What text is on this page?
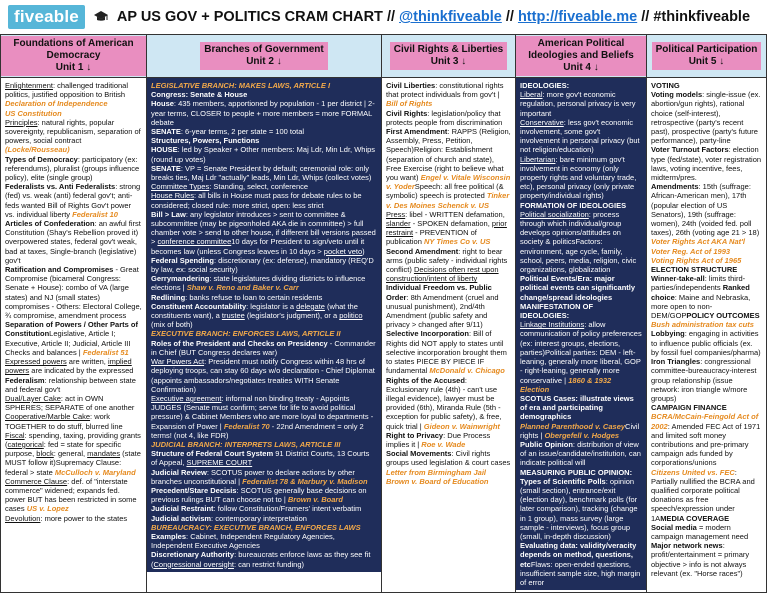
fiveable	AP US GOV + POLITICS CRAM CHART // @thinkfiveable // http://fiveable.me // #thinkfiveable
Foundations of American Democracy
Unit 1 ↓

Enlightenment: challenged traditional politics, justified opposition to British

Declaration of Independence

US Constitution

Principles: natural rights, popular sovereignty, republicanism, separation of powers, social contract (Locke/Rousseau)

Types of Democracy: participatory (ex: referendums), pluralist (groups influence policy), elite (single group)

Federalists vs. Anti Federalists: strong (fed) vs. weak (anti) federal gov't; anti-feds wanted Bill of Rights Gov't power vs. individual liberty Federalist 10

Articles of Confederation: an awful first Constitution (Shay's Rebellion proved it) overpowered states, federal gov't weak, bad at taxes, Single-branch (legislative) gov't

Ratification and Compromises - Great Compromise (bicameral Congress: Senate + House): combo of VA (large states) and NJ (small states) compromises - Others: Electoral College, ¾ compromise, amendment process

Separation of Powers / Other Parts of ConstitutionLegislative, Article I; Executive, Article II; Judicial, Article III Checks and balances | Federalist 51

Expressed powers are written, implied powers are indicated by the expressed

Federalism: relationship between state and federal gov't

Dual/Layer Cake: act in OWN SPHERES; SEPARATE of one another Cooperative/Marble Cake: work TOGETHER to do stuff, blurred line

Fiscal: spending, taxing, providing grants (categorical: fed = state for specific purpose, block: general, mandates (state MUST follow it)Supremacy Clause: federal > state McCulloch v. Maryland

Commerce Clause: def. of "interstate commerce" widened; expands fed. power BUT has been restricted in some cases US v. Lopez

Devolution: more power to the states

Branches of Government
Unit 2 ↓

LEGISLATIVE BRANCH: MAKES LAWS, ARTICLE I

Congress: Senate & House

House: 435 members, apportioned by population - 1 per district | 2-year terms, CLOSER to people + more members = more FORMAL debate

SENATE: 6-year terms, 2 per state = 100 total

Structures, Powers, Functions

HOUSE: led by Speaker + Other members: Maj Ldr, Min Ldr, Whips (round up votes)

SENATE: VP = Senate President by default; ceremonial role: only breaks ties, Maj Ldr "actually" leads, Min Ldr, Whips (collect votes)

Committee Types: Standing, select, conference

House Rules: all bills in House must pass for debate rules to be considered; closed rule: more strict, open: less strict

Bill > Law: any legislator introduces > sent to committee & subcommittee (may be pigeonholed AKA die in committee) > full chamber vote > send to other house, if different bill versions passed > conference committee10 days for President to sign/veto until it becomes law (unless Congress leaves in 10 days > pocket veto)

Federal Spending: discretionary (ex: defense), mandatory (REQ'D by law, ex: social security)

Gerrymandering: state legislatures dividing districts to influence elections | Shaw v. Reno and Baker v. Carr

Redlining: banks refuse to loan to certain residents

Constituent Accountability: legislator is a delegate (what the constituents want), a trustee (legislator's judgment), or a politico (mix of both)

EXECUTIVE BRANCH: ENFORCES LAWS, ARTICLE II

Roles of the President and Checks on Presidency - Commander in Chief (BUT Congress declares war)

War Powers Act: President must notify Congress within 48 hrs of deploying troops, can stay 60 days w/o declaration - Chief Diplomat (appoints ambassadors/negotiates treaties WITH Senate Confirmation)

Executive agreement: informal non binding treaty - Appoints JUDGES (Senate must confirm; serve for life to avoid political pressure) & Cabinet Members who are more loyal to departments - Expansion of Power | Federalist 70 - 22nd Amendment = only 2 terms! (not 4, like FDR)

JUDICIAL BRANCH: INTERPRETS LAWS, ARTICLE III

Structure of Federal Court System 91 District Courts, 13 Courts of Appeal, SUPREME COURT

Judicial Review: SCOTUS power to declare actions by other branches unconstitutional | Federalist 78 & Marbury v. Madison

Precedent/Stare Decisis: SCOTUS generally base decisions on previous rulings BUT can choose not to | Brown v. Board

Judicial Restraint: follow Constitution/Framers' intent verbatim Judicial activism: contemporary interpretation

BUREAUCRACY: EXECUTIVE BRANCH, ENFORCES LAWS

Examples: Cabinet, Independent Regulatory Agencies, Independent Executive Agencies

Discretionary Authority: bureaucrats enforce laws as they see fit (Congressional oversight: can restrict funding)

Civil Rights & Liberties
Unit 3 ↓

Civil Liberties: constitutional rights that protect individuals from gov't | Bill of Rights

Civil Rights: legislation/policy that protects people from discrimination

First Amendment: RAPPS (Religion, Assembly, Press, Petition, Speech)Religion: Establishment (separation of church and state), Free Exercise (right to believe what you want) Engel v. Vitale Wisconsin v. YoderSpeech: all free political (& symbolic) speech is protected Tinker v. Des Moines Schenck v. US

Press: libel - WRITTEN defamation, slander - SPOKEN defamation, prior restraint - PREVENTION of publication NY Times Co v. US

Second Amendment: right to bear arms (public safety - individual rights conflict) Decisions often rest upon construction/intent of liberty

Individual Freedom vs. Public Order: 8th Amendment (cruel and unusual punishment), 2nd/4th Amendment (public safety and privacy > changed after 9/11)

Selective Incorporation: Bill of Rights did NOT apply to states until selective incorporation brought them to states PIECE BY PIECE IF fundamental McDonald v. Chicago

Rights of the Accused: Exclusionary rule (4th) - can't use illegal evidence), lawyer must be provided (6th), Miranda Rule (5th - exception for public safety), & free, quick trial | Gideon v. Wainwright

Right to Privacy: Due Process implies it | Roe v. Wade

Social Movements: Civil rights groups used legislation & court cases Letter from Birmingham Jail Brown v. Board of Education

American Political Ideologies and Beliefs
Unit 4 ↓

IDEOLOGIES:

Liberal: more gov't economic regulation, personal privacy is very important

Conservative: less gov't economic involvement, some gov't involvement in personal privacy (but not religion/education)

Libertarian: bare minimum gov't involvement in economy (only property rights and voluntary trade, etc), personal privacy (only private property/individual rights)

FORMATION OF IDEOLOGIES

Political socialization: process through which individual/group develops opinions/attitudes on society & politicsFactors: environment, age cycle, family, school, peers, media, religion, civic organizations, globalization

Political Events/Era: major political events can significantly change/spread ideologies

MANIFESTATION OF IDEOLOGIES:

Linkage Institutions: allow communication of policy preferences (ex: interest groups, elections, parties)Political parties: DEM - left-leaning, generally more liberal, GOP - right-leaning, generally more conservative | 1860 & 1932 Election

SCOTUS Cases: illustrate views of era and participating demographics

Planned Parenthood v. CaseyCivil rights | Obergefell v. Hodges

Public Opinion: distribution of view of an issue/candidate/institution, can indicate political will

MEASURING PUBLIC OPINION:

Types of Scientific Polls: opinion (small section), entrance/exit (election day), benchmark polls (for later comparison), tracking (change in 1 group), mass survey (large sample - interviews), focus group (small, in-depth discussion)

Evaluating data: validity/veracity depends on method, questions, etcFlaws: open-ended questions, insufficient sample size, high margin of error

Political Participation
Unit 5 ↓

VOTING

Voting models: single-issue (ex. abortion/gun rights), rational choice (self-interest), retrospective (party's recent past), prospective (party's future performance), party-line

Voter Turnout Factors: election type (fed/state), voter registration laws, voting incentive, fees, midterm/pres.

Amendments: 15th (suffrage: African-American men), 17th (popular election of US Senators), 19th (suffrage: women), 24th (voided fed. poll taxes), 26th (voting age 21 > 18)

Voter Rights Act AKA Nat'l Voter Reg. Act of 1993

Voting Rights Act of 1965

ELECTION STRUCTURE

Winner-take-all: limits third-parties/independents Ranked choice: Maine and Nebraska, more open to non-DEM/GOPPOLICY OUTCOMES

Bush administration tax cuts

Lobbying: engaging in activities to influence public officials (ex. by fossil fuel companies/pharma)

Iron Triangles: congressional committee-bureaucracy-interest group relationship (issue network: iron triangle w/more groups)

CAMPAIGN FINANCE

BCRA/McCain-Feingold Act of 2002: Amended FEC Act of 1971 and limited soft money contributions and pre-primary campaign ads funded by corporations/unions

Citizens United vs. FEC: Partially nullified the BCRA and qualified corporate political donations as free speech/expression under 1AMEDIA COVERAGE

Social media = modern campaign management need Major network news: profit/entertainment = primary objective > info is not always relevant (ex. "Horse races")
